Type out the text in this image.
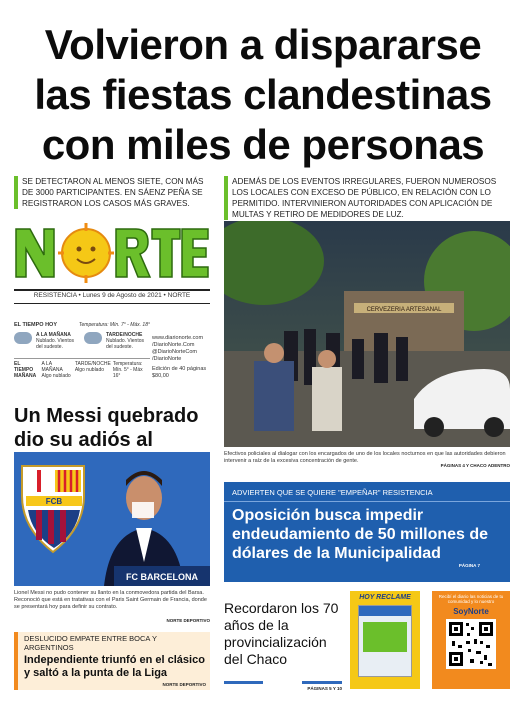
Volvieron a dispararse
las fiestas clandestinas
con miles de personas
SE DETECTARON AL MENOS SIETE, CON MÁS DE 3000 PARTICIPANTES. EN SÁENZ PEÑA SE REGISTRARON LOS CASOS MÁS GRAVES.
ADEMÁS DE LOS EVENTOS IRREGULARES, FUERON NUMEROSOS LOS LOCALES CON EXCESO DE PÚBLICO, EN RELACIÓN CON LO PERMITIDO. INTERVINIERON AUTORIDADES CON APLICACIÓN DE MULTAS Y RETIRO DE MEDIDORES DE LUZ.
RESISTENCIA • Lunes 9 de Agosto de 2021 • NORTE
EL TIEMPO HOY	Temperatura: Mín. 7° - Máx. 18°
A LA MAÑANA
Nublado. Vientos del sudeste.
TARDE/NOCHE
Nublado. Vientos del sudeste.
EL TIEMPO MAÑANA
A LA MAÑANA Algo nublado
TARDE/NOCHE Algo nublado
Temperatura: Mín. 5° - Máx 16°
www.diarionorte.com
/DiarioNorte.Com
@DiarioNorteCom
/DiarioNorte
Edición de 40 páginas
$80,00
Un Messi quebrado dio su adiós al
FCB
FC BARCELONA
Lionel Messi no pudo contener su llanto en la conmovedora partida del Barsa. Reconoció que está en tratativas con el Paris Saint Germain de Francia, donde se presentará hoy para definir su contrato.
NORTE DEPORTIVO
DESLUCIDO EMPATE ENTRE BOCA Y ARGENTINOS
Independiente triunfó en el clásico y saltó a la punta de la Liga
NORTE DEPORTIVO
CERVEZERIA ARTESANAL
Efectivos policiales al dialogar con los encargados de uno de los locales nocturnos en que las autoridades debieron intervenir a raíz de la excesiva concentración de gente.
PÁGINAS 4 Y CHACO ADENTRO
ADVIERTEN QUE SE QUIERE "EMPEÑAR" RESISTENCIA
Oposición busca impedir endeudamiento de 50 millones de dólares de la Municipalidad
PÁGINA 7
Recordaron los 70 años de la provincialización del Chaco
PÁGINAS 5 Y 10
HOY RECLAME	Recibí el diario las noticias de tu comunidad y lo nuestro
SoyNorte
